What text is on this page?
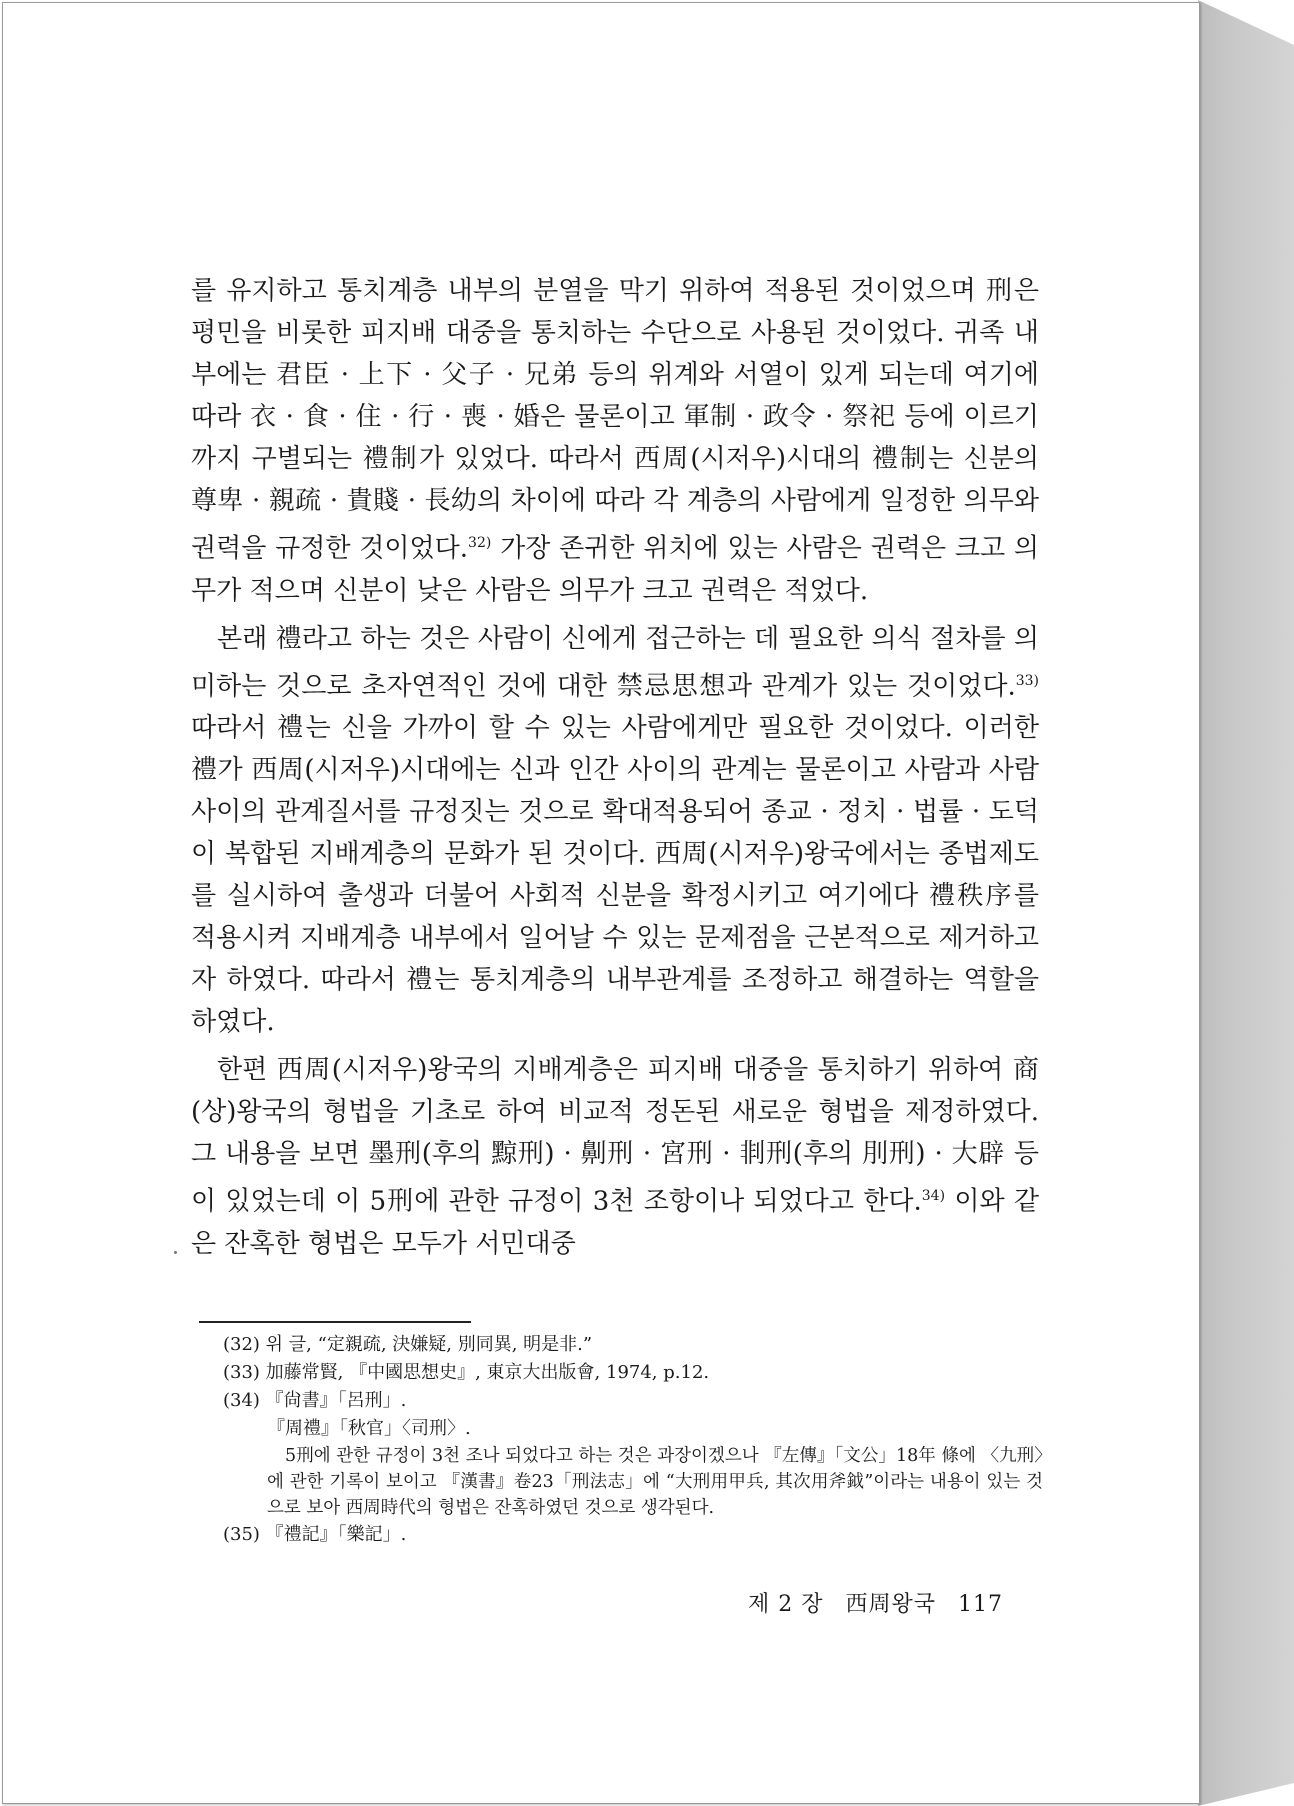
를 유지하고 통치계층 내부의 분열을 막기 위하여 적용된 것이었으며 刑은 평민을 비롯한 피지배 대중을 통치하는 수단으로 사용된 것이었다. 귀족 내부에는 君臣 · 上下 · 父子 · 兄弟 등의 위계와 서열이 있게 되는데 여기에 따라 衣 · 食 · 住 · 行 · 喪 · 婚은 물론이고 軍制 · 政令 · 祭祀 등에 이르기까지 구별되는 禮制가 있었다. 따라서 西周(시저우)시대의 禮制는 신분의 尊卑 · 親疏 · 貴賤 · 長幼의 차이에 따라 각 계층의 사람에게 일정한 의무와 권력을 규정한 것이었다.$^{32)}$ 가장 존귀한 위치에 있는 사람은 권력은 크고 의무가 적으며 신분이 낮은 사람은 의무가 크고 권력은 적었다.

본래 禮라고 하는 것은 사람이 신에게 접근하는 데 필요한 의식 절차를 의미하는 것으로 초자연적인 것에 대한 禁忌思想과 관계가 있는 것이었다.$^{33)}$ 따라서 禮는 신을 가까이 할 수 있는 사람에게만 필요한 것이었다. 이러한 禮가 西周(시저우)시대에는 신과 인간 사이의 관계는 물론이고 사람과 사람 사이의 관계질서를 규정짓는 것으로 확대적용되어 종교 · 정치 · 법률 · 도덕이 복합된 지배계층의 문화가 된 것이다. 西周(시저우)왕국에서는 종법제도를 실시하여 출생과 더불어 사회적 신분을 확정시키고 여기에다 禮秩序를 적용시켜 지배계층 내부에서 일어날 수 있는 문제점을 근본적으로 제거하고자 하였다. 따라서 禮는 통치계층의 내부관계를 조정하고 해결하는 역할을 하였다.

한편 西周(시저우)왕국의 지배계층은 피지배 대중을 통치하기 위하여 商(상)왕국의 형법을 기초로 하여 비교적 정돈된 새로운 형법을 제정하였다. 그 내용을 보면 墨刑(후의 黥刑) · 劓刑 · 宮刑 · 剕刑(후의 刖刑) · 大辟 등이 있었는데 이 5刑에 관한 규정이 3천 조항이나 되었다고 한다.$^{34)}$ 이와 같은 잔혹한 형법은 모두가 서민대중

(32) 위 글, “定親疏, 決嫌疑, 別同異, 明是非.”

(33) 加藤常賢, 『中國思想史』, 東京大出版會, 1974, p.12.

(34) 『尙書』「呂刑」.

『周禮』「秋官」〈司刑〉.

5刑에 관한 규정이 3천 조나 되었다고 하는 것은 과장이겠으나 『左傳』「文公」18年 條에 〈九刑〉에 관한 기록이 보이고 『漢書』卷23「刑法志」에 “大刑用甲兵, 其次用斧鉞”이라는 내용이 있는 것으로 보아 西周時代의 형법은 잔혹하였던 것으로 생각된다.

(35) 『禮記』「樂記」.

제 2 장 西周왕국 117
